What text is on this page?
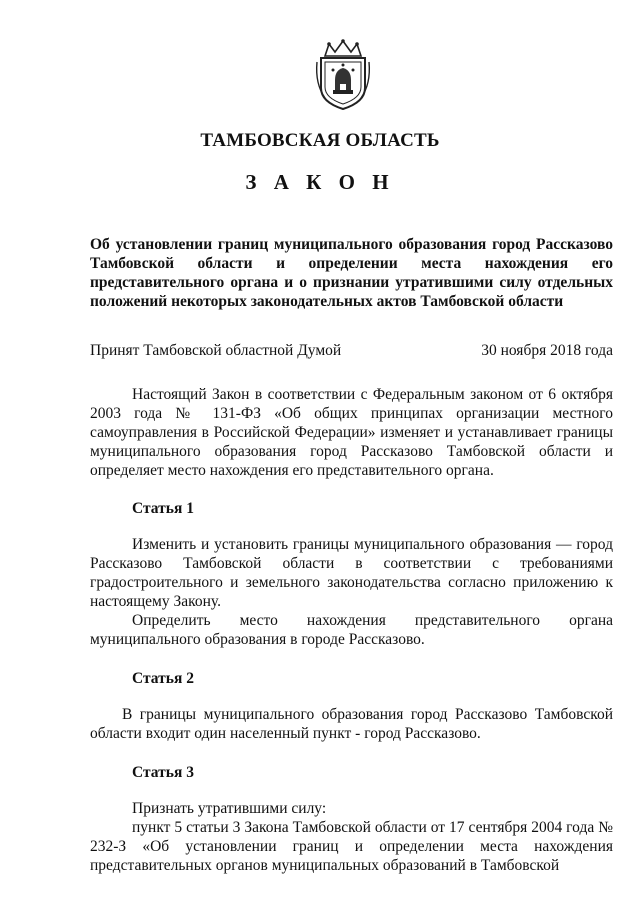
ТАМБОВСКАЯ ОБЛАСТЬ
З А К О Н

Об установлении границ муниципального образования город Рассказово Тамбовской области и определении места нахождения его представительного органа и о признании утратившими силу отдельных положений некоторых законодательных актов Тамбовской области

Принят Тамбовской областной Думой	30 ноября 2018 года

Настоящий Закон в соответствии с Федеральным законом от 6 октября 2003 года № 131-ФЗ «Об общих принципах организации местного самоуправления в Российской Федерации» изменяет и устанавливает границы муниципального образования город Рассказово Тамбовской области и определяет место нахождения его представительного органа.

Статья 1

Изменить и установить границы муниципального образования — город Рассказово Тамбовской области в соответствии с требованиями градостроительного и земельного законодательства согласно приложению к настоящему Закону.

Определить место нахождения представительного органа муниципального образования в городе Рассказово.

Статья 2

В границы муниципального образования город Рассказово Тамбовской области входит один населенный пункт - город Рассказово.

Статья 3

Признать утратившими силу:

пункт 5 статьи 3 Закона Тамбовской области от 17 сентября 2004 года № 232-З «Об установлении границ и определении места нахождения представительных органов муниципальных образований в Тамбовской
